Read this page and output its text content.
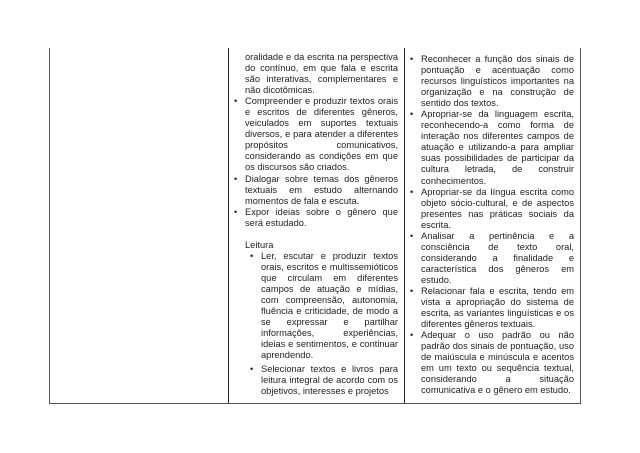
oralidade e da escrita na perspectiva do contínuo, em que fala e escrita são interativas, complementares e não dicotômicas.
• Compreender e produzir textos orais e escritos de diferentes gêneros, veiculados em suportes textuais diversos, e para atender a diferentes propósitos comunicativos, considerando as condições em que os discursos são criados.
• Dialogar sobre temas dos gêneros textuais em estudo alternando momentos de fala e escuta.
• Expor ideias sobre o gênero que será estudado.
Leitura
• Ler, escutar e produzir textos orais, escritos e multissemióticos que circulam em diferentes campos de atuação e mídias, com compreensão, autonomia, fluência e criticidade, de modo a se expressar e partilhar informações, experiências, ideias e sentimentos, e continuar aprendendo.
• Selecionar textos e livros para leitura integral de acordo com os objetivos, interesses e projetos
• Reconhecer a função dos sinais de pontuação e acentuação como recursos linguísticos importantes na organização e na construção de sentido dos textos.
• Apropriar-se da linguagem escrita, reconhecendo-a como forma de interação nos diferentes campos de atuação e utilizando-a para ampliar suas possibilidades de participar da cultura letrada, de construir conhecimentos.
• Apropriar-se da língua escrita como objeto sócio-cultural, e de aspectos presentes nas práticas sociais da escrita.
• Analisar a pertinência e a consciência de texto oral, considerando a finalidade e característica dos gêneros em estudo.
• Relacionar fala e escrita, tendo em vista a apropriação do sistema de escrita, as variantes linguísticas e os diferentes gêneros textuais.
• Adequar o uso padrão ou não padrão dos sinais de pontuação, uso de maiúscula e minúscula e acentos em um texto ou sequência textual, considerando a situação comunicativa e o gênero em estudo.
